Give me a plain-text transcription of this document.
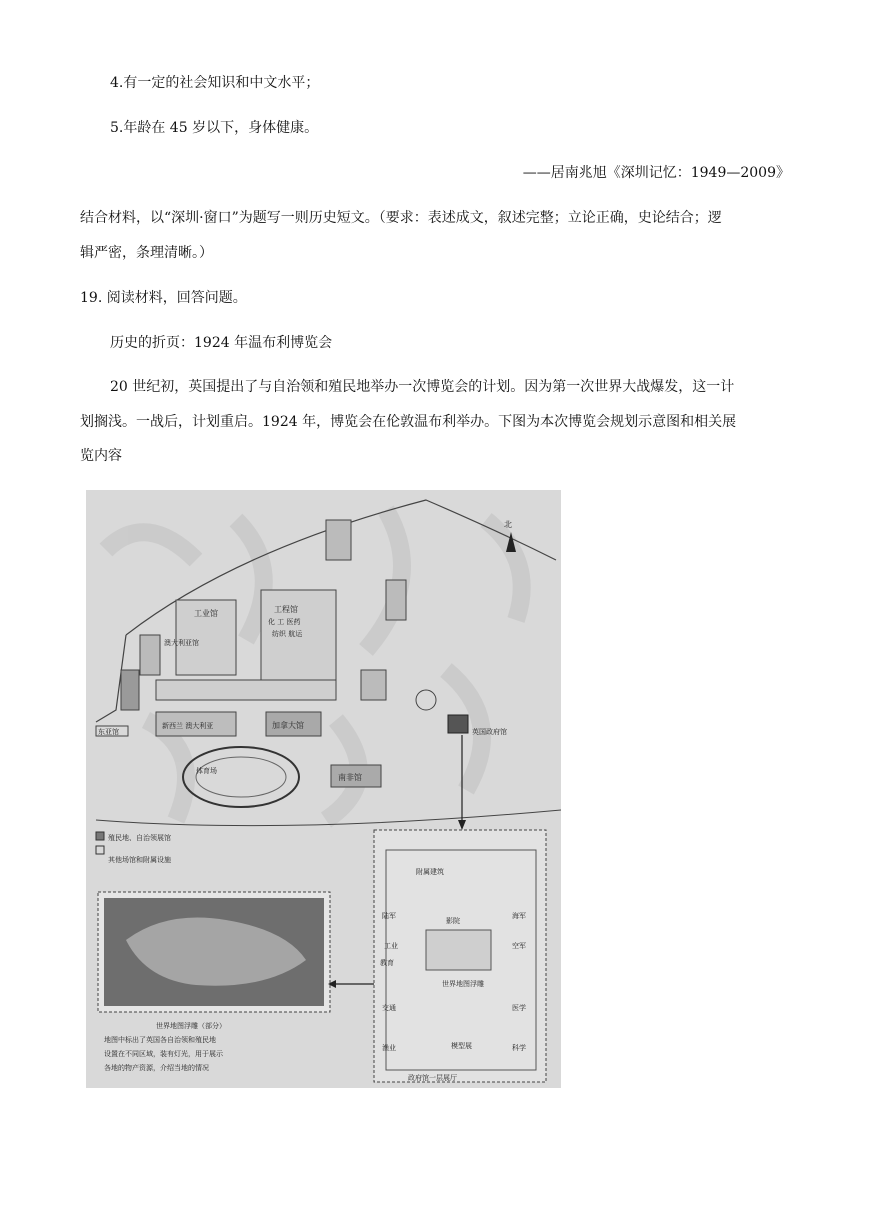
4.有一定的社会知识和中文水平；
5.年龄在 45 岁以下，身体健康。
——居南兆旭《深圳记忆：1949—2009》
结合材料，以“深圳·窗口”为题写一则历史短文。（要求：表述成文，叙述完整；立论正确，史论结合；逻
辑严密，条理清晰。）
19. 阅读材料，回答问题。
历史的折页：1924 年温布利博览会
20 世纪初，英国提出了与自治领和殖民地举办一次博览会的计划。因为第一次世界大战爆发，这一计
划搁浅。一战后，计划重启。1924 年，博览会在伦敦温布利举办。下图为本次博览会规划示意图和相关展
览内容
北
工业馆
澳大利亚馆
工程馆
化 工 医药
纺织 航运
东亚馆
新西兰 澳大利亚	加拿大馆
体育场
南非馆
英国政府馆
殖民地、自治领展馆
其他场馆和附属设施
附属建筑
影院
世界地图浮雕
模型展
政府馆一层展厅
陆军
工业
教育
交通
渔业
海军
空军
医学
科学
世界地图浮雕（部分）
地图中标出了英国各自治领和殖民地
设置在不同区域，装有灯光，用于展示
各地的物产资源，介绍当地的情况
